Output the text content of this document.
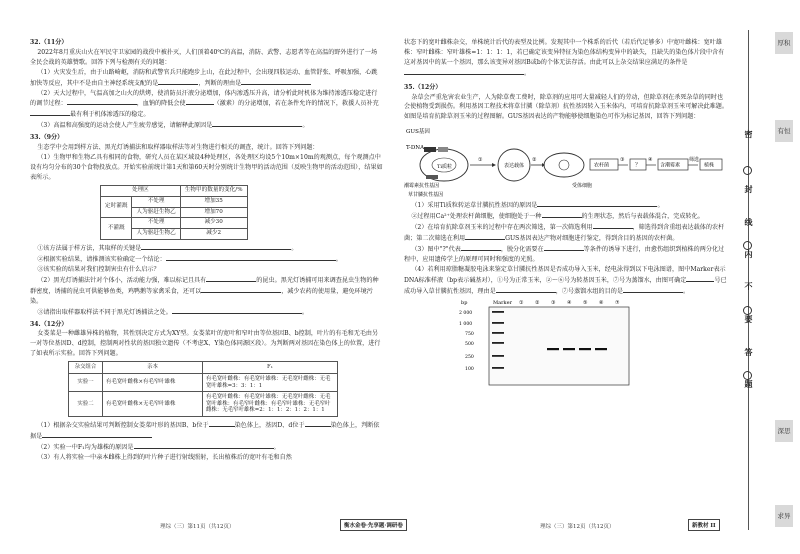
32.（11分）

2022年8月重庆山火在军民守卫家园的战役中被扑灭，人们顶着40℃的高温，消防、武警、志愿者等在高温的野外进行了一场全民会战的英雄赞歌。回答下列与检测有关的问题：

（1）火灾发生后，由于山路崎岖，消防和武警官兵只能跑步上山，在此过程中，会出现四肢运动、血管舒张、呼吸加强，心跳加快等反应，其中不是由自主神经系统支配的是	，判断的理由是

（2）天大过程中，气温高加之山火的烘烤，使消防员汗液分泌增加，体内渗透压升高，请分析此时机体为维持渗透压稳定进行的调节过程：	，血钠的降低会使	（激素）的分泌增加，若在条件允许的情况下，救援人员补充最有利于机体渗透压的稳定。

（3）高温和高强度的运动会使人产生疲劳感觉，请解释此原因是	。

33.（9分）

生态学中会用到样方法、黑光灯诱捕法和取样器取样法等对生物进行相关的调查，统计。回答下列问题：

（1）生物甲和生物乙具有相同的食物，研究人员在某区域设4种处理区，各处理区均设5个10m×10m的观测点，每个观测点中设有均匀分布的30个食物投放点。开始实验前统计第1天和第60天时分别统计生物甲的活动范围（反映生物甲的活动范围），结果如表所示。

处理区		生物甲的数量的变化/%
定时灌溉	不处理	增加35
	人为驱赶生物乙	增加70
不灌溉	不处理	减少30
	人为驱赶生物乙	减少2

①该方法属于样方法，其取样的关键是	。

②根据实验结果，请推测该实验确定一个结论：	。

③该实验的结果对我们控制害虫有什么启示？

（2）黑光灯诱捕法针对个体小，活动能力强，难以标记且具有	的昆虫。黑光灯诱捕可用来调查昆虫生物的种群密度，诱捕的昆虫可供能够鱼类，鸡鸭鹅等家禽采食，还可以	，减少农药的使用量，避免环境污染。

③请指出取样器取样法不同于黑光灯诱捕法之处。	。

34.（12分）

女娄菜是一种雌雄异株的植物，其性别决定方式为XY型。女娄菜叶的宽叶和窄叶由等位基因B、b控制，叶片的有毛和无毛由另一对等位基因D、d控制，控制两对性状的基因独立遗传（不考虑X、Y染色体同源区段）。为判断两对基因在染色体上的位置，进行了如表所示实验。回答下列问题。

杂交组合	亲本	F₁
实验一	有毛宽叶雌株×有毛窄叶雄株	有毛宽叶雌株：有毛宽叶雄株：无毛宽叶雌株：无毛宽叶雄株=3：3：1：1
实验二	有毛宽叶雌株×无毛窄叶雄株	有毛宽叶雌株：有毛宽叶雄株：无毛宽叶雌株：无毛宽叶雄株：有毛窄叶雌株：有毛窄叶雄株：无毛窄叶雌株：无毛窄叶雄株=2：1：1：2：1：2：1：1

（1）根据杂交实验结果可判断控制女娄菜叶形的基因B、b位于	染色体上，基因D、d位于	染色体上，判断依据是

（2）实验一中F₁均为雄株的原因是	。

（3）有人将实验一中亲本雌株上得到的叶片种子进行射线照射，长出植株后的宽叶有毛和自然

状态下的宽叶雌株杂交，单株统计后代的表型及比例。发现其中一个株系的后代（若后代足够多）中宽叶雌株：宽叶雄株：窄叶雌株：窄叶雄株=1：1：1：1，若已确定该变异特征为染色体结构变异中的缺失，且缺失的染色体片段中含有这对基因中的某一个基因，那么该变异对基因B或b的个体无法存活。由此可以上杂交结果应满足的条件是。

35.（12分）

杂草会严重危害农业生产，人为除草费工费时，除草剂的应用可大量减轻人们的劳动，但除草剂在杀死杂草的同时也会使植物受到损伤。利用基因工程技术将草甘膦（除草剂）抗性基因转入玉米体内，可培育抗除草剂玉米可解决此难题。如图是培育抗除草剂玉米的过程图解。GUS基因表达的产物能够使细胞染色可作为标记基因，回答下列问题：

GUS基因
T-DNA
Ti质粒
潮霉素抗性基因
草甘膦抗性基因
①
表达载体
②
农杆菌
③
？
④
含潮霉素
筛选
植株
受体细胞

（1）采用Ti质粒转运草甘膦抗性基因的原因是	。

②过程用Ca²⁺处理农杆菌细胞，使细胞处于一种	的生理状态，然后与表载体混合，完成转化。

（2）在培育抗除草剂玉米的过程中存在两次筛选，第一次筛选利用	，筛选得到含重组表达载体的农杆菌；第二次筛选在利用	GUS基因表达产物对细胞进行鉴定，得到含目的基因的农杆菌。

（3）图中"?"代表	，脱分化需要在	等条件的诱导下进行，由愈伤组织到植株的两分化过程中，应用遗传学上的原理可同时和强度的光照。

（4）若利用琼脂糖凝胶电泳来鉴定草甘膦抗性基因是否成功导入玉米，经电泳得到以下电泳图谱，图中Marker表示DNA标准样液（bp表示碱基对），①号为正常玉米，②～⑥号为转基因玉米，⑦号为蒸馏水，由图可确定	号已成功导入草甘膦抗性基因，理由是	，⑦号蒸馏水组的目的是	。

bp	Marker ① ② ③ ④ ⑤ ⑥ ⑦
2 000
1 000
750
500
250
100
理综（三）第11页（共12页）	衡水金卷·先享题·调研卷	理综（三）第12页（共12页）	新教材 II
密
封
线
内
不
要
答
题
厚积
有恒
深思
求异
